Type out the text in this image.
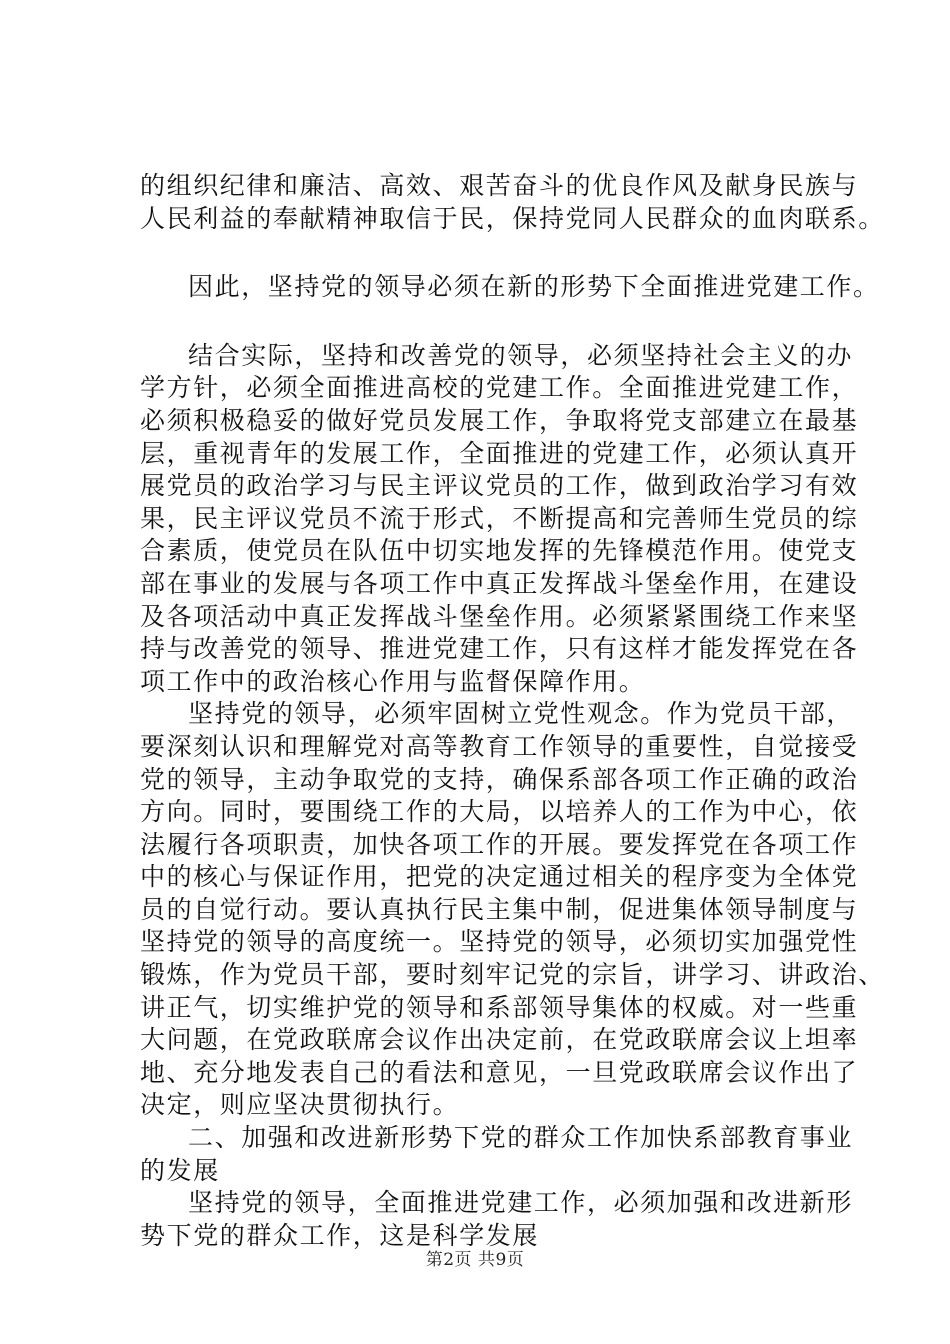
的组织纪律和廉洁、高效、艰苦奋斗的优良作风及献身民族与
人民利益的奉献精神取信于民，保持党同人民群众的血肉联系。
因此，坚持党的领导必须在新的形势下全面推进党建工作。
结合实际，坚持和改善党的领导，必须坚持社会主义的办
学方针，必须全面推进高校的党建工作。全面推进党建工作，
必须积极稳妥的做好党员发展工作，争取将党支部建立在最基
层，重视青年的发展工作，全面推进的党建工作，必须认真开
展党员的政治学习与民主评议党员的工作，做到政治学习有效
果，民主评议党员不流于形式，不断提高和完善师生党员的综
合素质，使党员在队伍中切实地发挥的先锋模范作用。使党支
部在事业的发展与各项工作中真正发挥战斗堡垒作用，在建设
及各项活动中真正发挥战斗堡垒作用。必须紧紧围绕工作来坚
持与改善党的领导、推进党建工作，只有这样才能发挥党在各
项工作中的政治核心作用与监督保障作用。
坚持党的领导，必须牢固树立党性观念。作为党员干部，
要深刻认识和理解党对高等教育工作领导的重要性，自觉接受
党的领导，主动争取党的支持，确保系部各项工作正确的政治
方向。同时，要围绕工作的大局，以培养人的工作为中心，依
法履行各项职责，加快各项工作的开展。要发挥党在各项工作
中的核心与保证作用，把党的决定通过相关的程序变为全体党
员的自觉行动。要认真执行民主集中制，促进集体领导制度与
坚持党的领导的高度统一。坚持党的领导，必须切实加强党性
锻炼，作为党员干部，要时刻牢记党的宗旨，讲学习、讲政治、
讲正气，切实维护党的领导和系部领导集体的权威。对一些重
大问题，在党政联席会议作出决定前，在党政联席会议上坦率
地、充分地发表自己的看法和意见，一旦党政联席会议作出了
决定，则应坚决贯彻执行。
二、加强和改进新形势下党的群众工作加快系部教育事业
的发展
坚持党的领导，全面推进党建工作，必须加强和改进新形
势下党的群众工作，这是科学发展
第2页 共9页
